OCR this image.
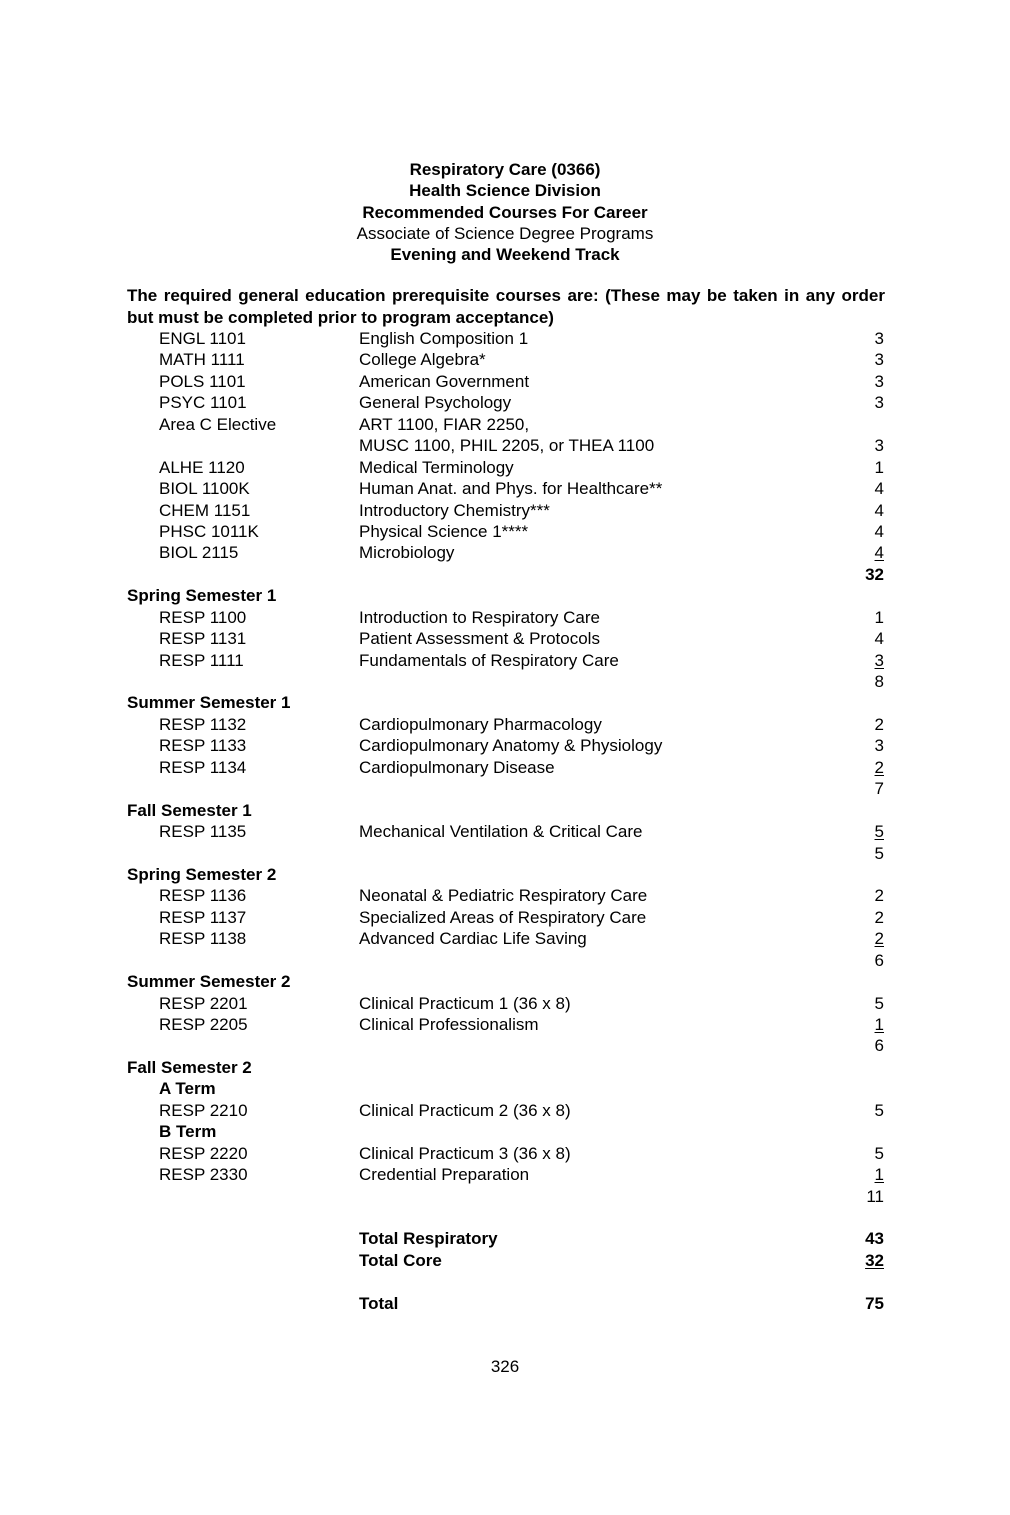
Respiratory Care (0366)
Health Science Division
Recommended Courses For Career
Associate of Science Degree Programs
Evening and Weekend Track
The required general education prerequisite courses are: (These may be taken in any order but must be completed prior to program acceptance)
ENGL 1101	English Composition 1	3
MATH 1111	College Algebra*	3
POLS 1101	American Government	3
PSYC 1101	General Psychology	3
Area C Elective	ART 1100, FIAR 2250,
MUSC 1100, PHIL 2205, or THEA 1100	3
ALHE 1120	Medical Terminology	1
BIOL 1100K	Human Anat. and Phys. for Healthcare**	4
CHEM 1151	Introductory Chemistry***	4
PHSC 1011K	Physical Science 1****	4
BIOL 2115	Microbiology	4
32
Spring Semester 1
RESP 1100	Introduction to Respiratory Care	1
RESP 1131	Patient Assessment & Protocols	4
RESP 1111	Fundamentals of Respiratory Care	3
8
Summer Semester 1
RESP 1132	Cardiopulmonary Pharmacology	2
RESP 1133	Cardiopulmonary Anatomy & Physiology	3
RESP 1134	Cardiopulmonary Disease	2
7
Fall Semester 1
RESP 1135	Mechanical Ventilation & Critical Care	5
5
Spring Semester 2
RESP 1136	Neonatal & Pediatric Respiratory Care	2
RESP 1137	Specialized Areas of Respiratory Care	2
RESP 1138	Advanced Cardiac Life Saving	2
6
Summer Semester 2
RESP 2201	Clinical Practicum 1 (36 x 8)	5
RESP 2205	Clinical Professionalism	1
6
Fall Semester 2
A Term
RESP 2210	Clinical Practicum 2 (36 x 8)	5
B Term
RESP 2220	Clinical Practicum 3 (36 x 8)	5
RESP 2330	Credential Preparation	1
11
Total Respiratory	43
Total Core	32
Total	75
326
